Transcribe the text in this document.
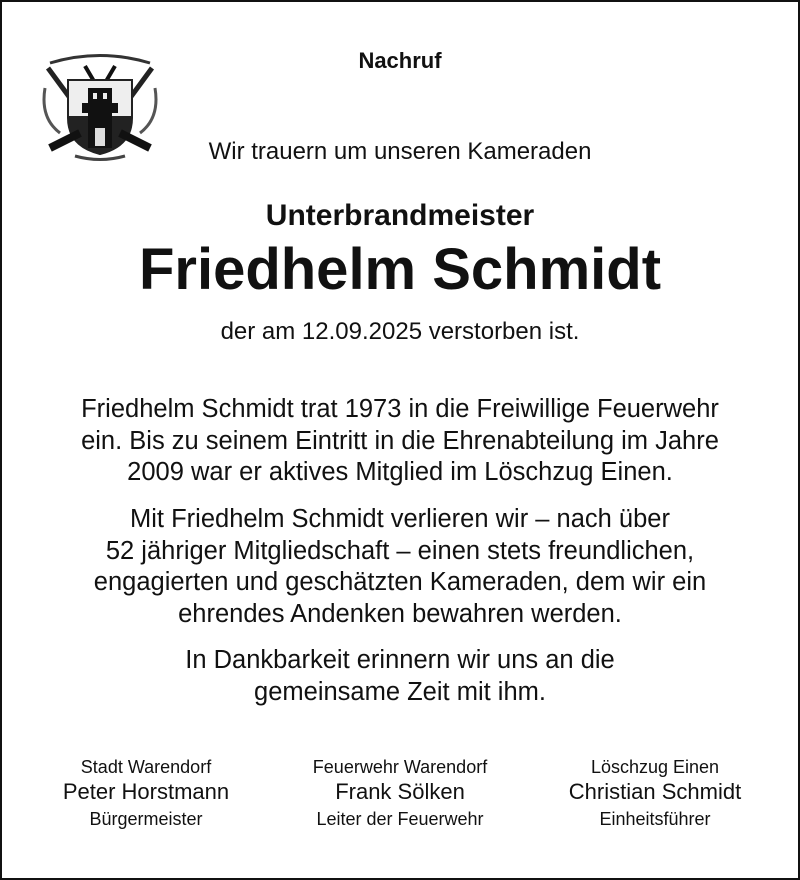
Nachruf
Wir trauern um unseren Kameraden
Unterbrandmeister
Friedhelm Schmidt
der am 12.09.2025 verstorben ist.
Friedhelm Schmidt trat 1973 in die Freiwillige Feuerwehr
ein. Bis zu seinem Eintritt in die Ehrenabteilung im Jahre
2009 war er aktives Mitglied im Löschzug Einen.
Mit Friedhelm Schmidt verlieren wir – nach über
52 jähriger Mitgliedschaft – einen stets freundlichen,
engagierten und geschätzten Kameraden, dem wir ein
ehrendes Andenken bewahren werden.
In Dankbarkeit erinnern wir uns an die
gemeinsame Zeit mit ihm.
Stadt Warendorf
Peter Horstmann
Bürgermeister
Feuerwehr Warendorf
Frank Sölken
Leiter der Feuerwehr
Löschzug Einen
Christian Schmidt
Einheitsführer
